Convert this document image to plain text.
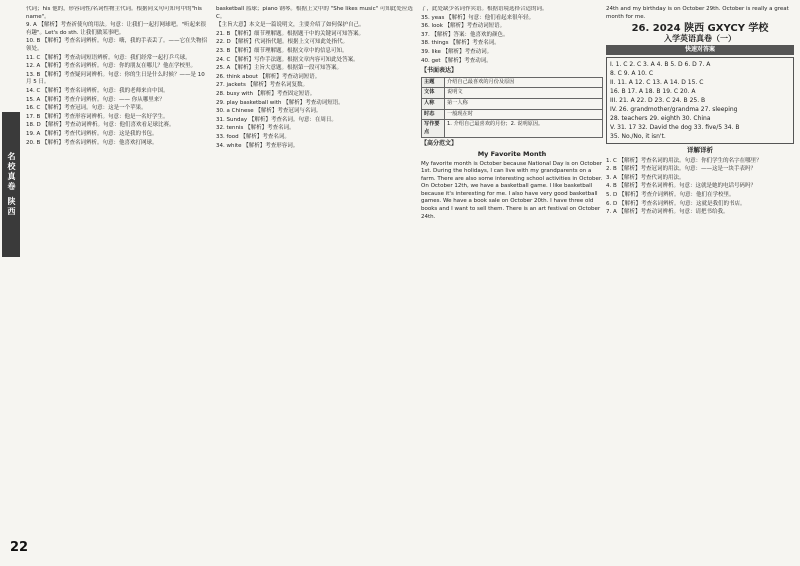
名校真卷 陕西
代词；his 他的，形容词性/名词性物主代词。根据同义句可知句中的"his name"。
9. A 【解析】考查祈使句的用法。句意：让我们一起打网球吧。"听起来很有趣"。Let's do sth. 让我们做某事吧。
10. B 【解析】考查名词辨析。句意：嗨，我的手表丢了。——它在失物招领处。
11. C 【解析】考查动词短语辨析。句意：我们经常一起打乒乓球。
12. A 【解析】考查名词辨析。句意：你的朋友在哪儿？他在学校里。
13. B 【解析】考查疑问词辨析。句意：你的生日是什么时候？——是 10 月 5 日。
14. C 【解析】考查名词辨析。句意：我的老师来自中国。
15. A 【解析】考查介词辨析。句意：—— 你从哪里来？
16. C 【解析】考查冠词。句意：这是一个苹果。
17. B 【解析】考查形容词辨析。句意：他是一名好学生。
18. D 【解析】考查动词辨析。句意：他们喜欢看足球比赛。
19. A 【解析】考查代词辨析。句意：这是我的书包。
20. B 【解析】考查名词辨析。句意：他喜欢打网球。
basketball 篮球；piano 钢琴。根据上文中的 "She likes music" 可知此处应选 C。
【主旨大意】本文是一篇说明文，主要介绍了如何保护自己。
21. B 【解析】细节理解题。根据题干中的关键词可知答案。
22. D 【解析】代词指代题。根据上文可知此处指代。
23. B 【解析】细节理解题。根据文章中的信息可知。
24. C 【解析】写作手法题。根据文章内容可知此处答案。
25. A 【解析】主旨大意题。根据第一段可知答案。
26. think about 【解析】考查动词短语。
27. jackets 【解析】考查名词复数。
28. busy with 【解析】考查固定短语。
29. play basketball with 【解析】考查动词短语。
30. a Chinese 【解析】考查冠词与名词。
31. Sunday 【解析】考查名词。句意：在周日。
32. tennis 【解析】考查名词。
33. food 【解析】考查名词。
34. white 【解析】考查形容词。
了，此处缺少名词作宾语。根据语境选择合适的词。
35. yeas 【解析】句意：他们看起来很年轻。
36. look 【解析】考查动词短语。
37. 【解析】答案：他喜欢的颜色。
38. things 【解析】考查名词。
39. like 【解析】考查动词。
40. get 【解析】考查动词。
【书面表达】
主题	介绍自己最喜欢的月份及原因
文体	说明文
人称	第一人称
时态	一般现在时
写作要点	1. 介绍自己最喜欢的月份；2. 说明原因。
【高分范文】
My Favorite Month
My favorite month is October because National Day is on October 1st. During the holidays, I can live with my grandparents on a farm. There are also some interesting school activities in October. On October 12th, we have a basketball game. I like basketball because it's interesting for me. I also have very good basketball games. We have a book sale on October 20th. I have three old books and I want to sell them. There is an art festival on October 24th.
24th and my birthday is on October 29th. October is really a great month for me.
26. 2024 陕西 GXYCY 学校
入学英语真卷（一）
快速对答案
I. 1. C 2. C 3. A 4. B 5. D 6. D 7. A
8. C 9. A 10. C
II. 11. A 12. C 13. A 14. D 15. C
16. B 17. A 18. B 19. C 20. A
III. 21. A 22. D 23. C 24. B 25. B
IV. 26. grandmother/grandma 27. sleeping
28. teachers 29. eighth 30. China
V. 31. 17 32. David the dog 33. five/5 34. B
35. No./No, it isn't.
详解详析
1. C 【解析】考查名词的用法。句意：你们学生的名字在哪里？
2. B 【解析】考查冠词的用法。句意：——这是一块手表吗？
3. A 【解析】考查代词的用法。
4. B 【解析】考查名词辨析。句意：这就是她的电话号码吗？
5. D 【解析】考查介词辨析。句意：他们在学校里。
6. D 【解析】考查名词辨析。句意：这就是我们的书店。
7. A 【解析】考查动词辨析。句意：请把书给我。
22
